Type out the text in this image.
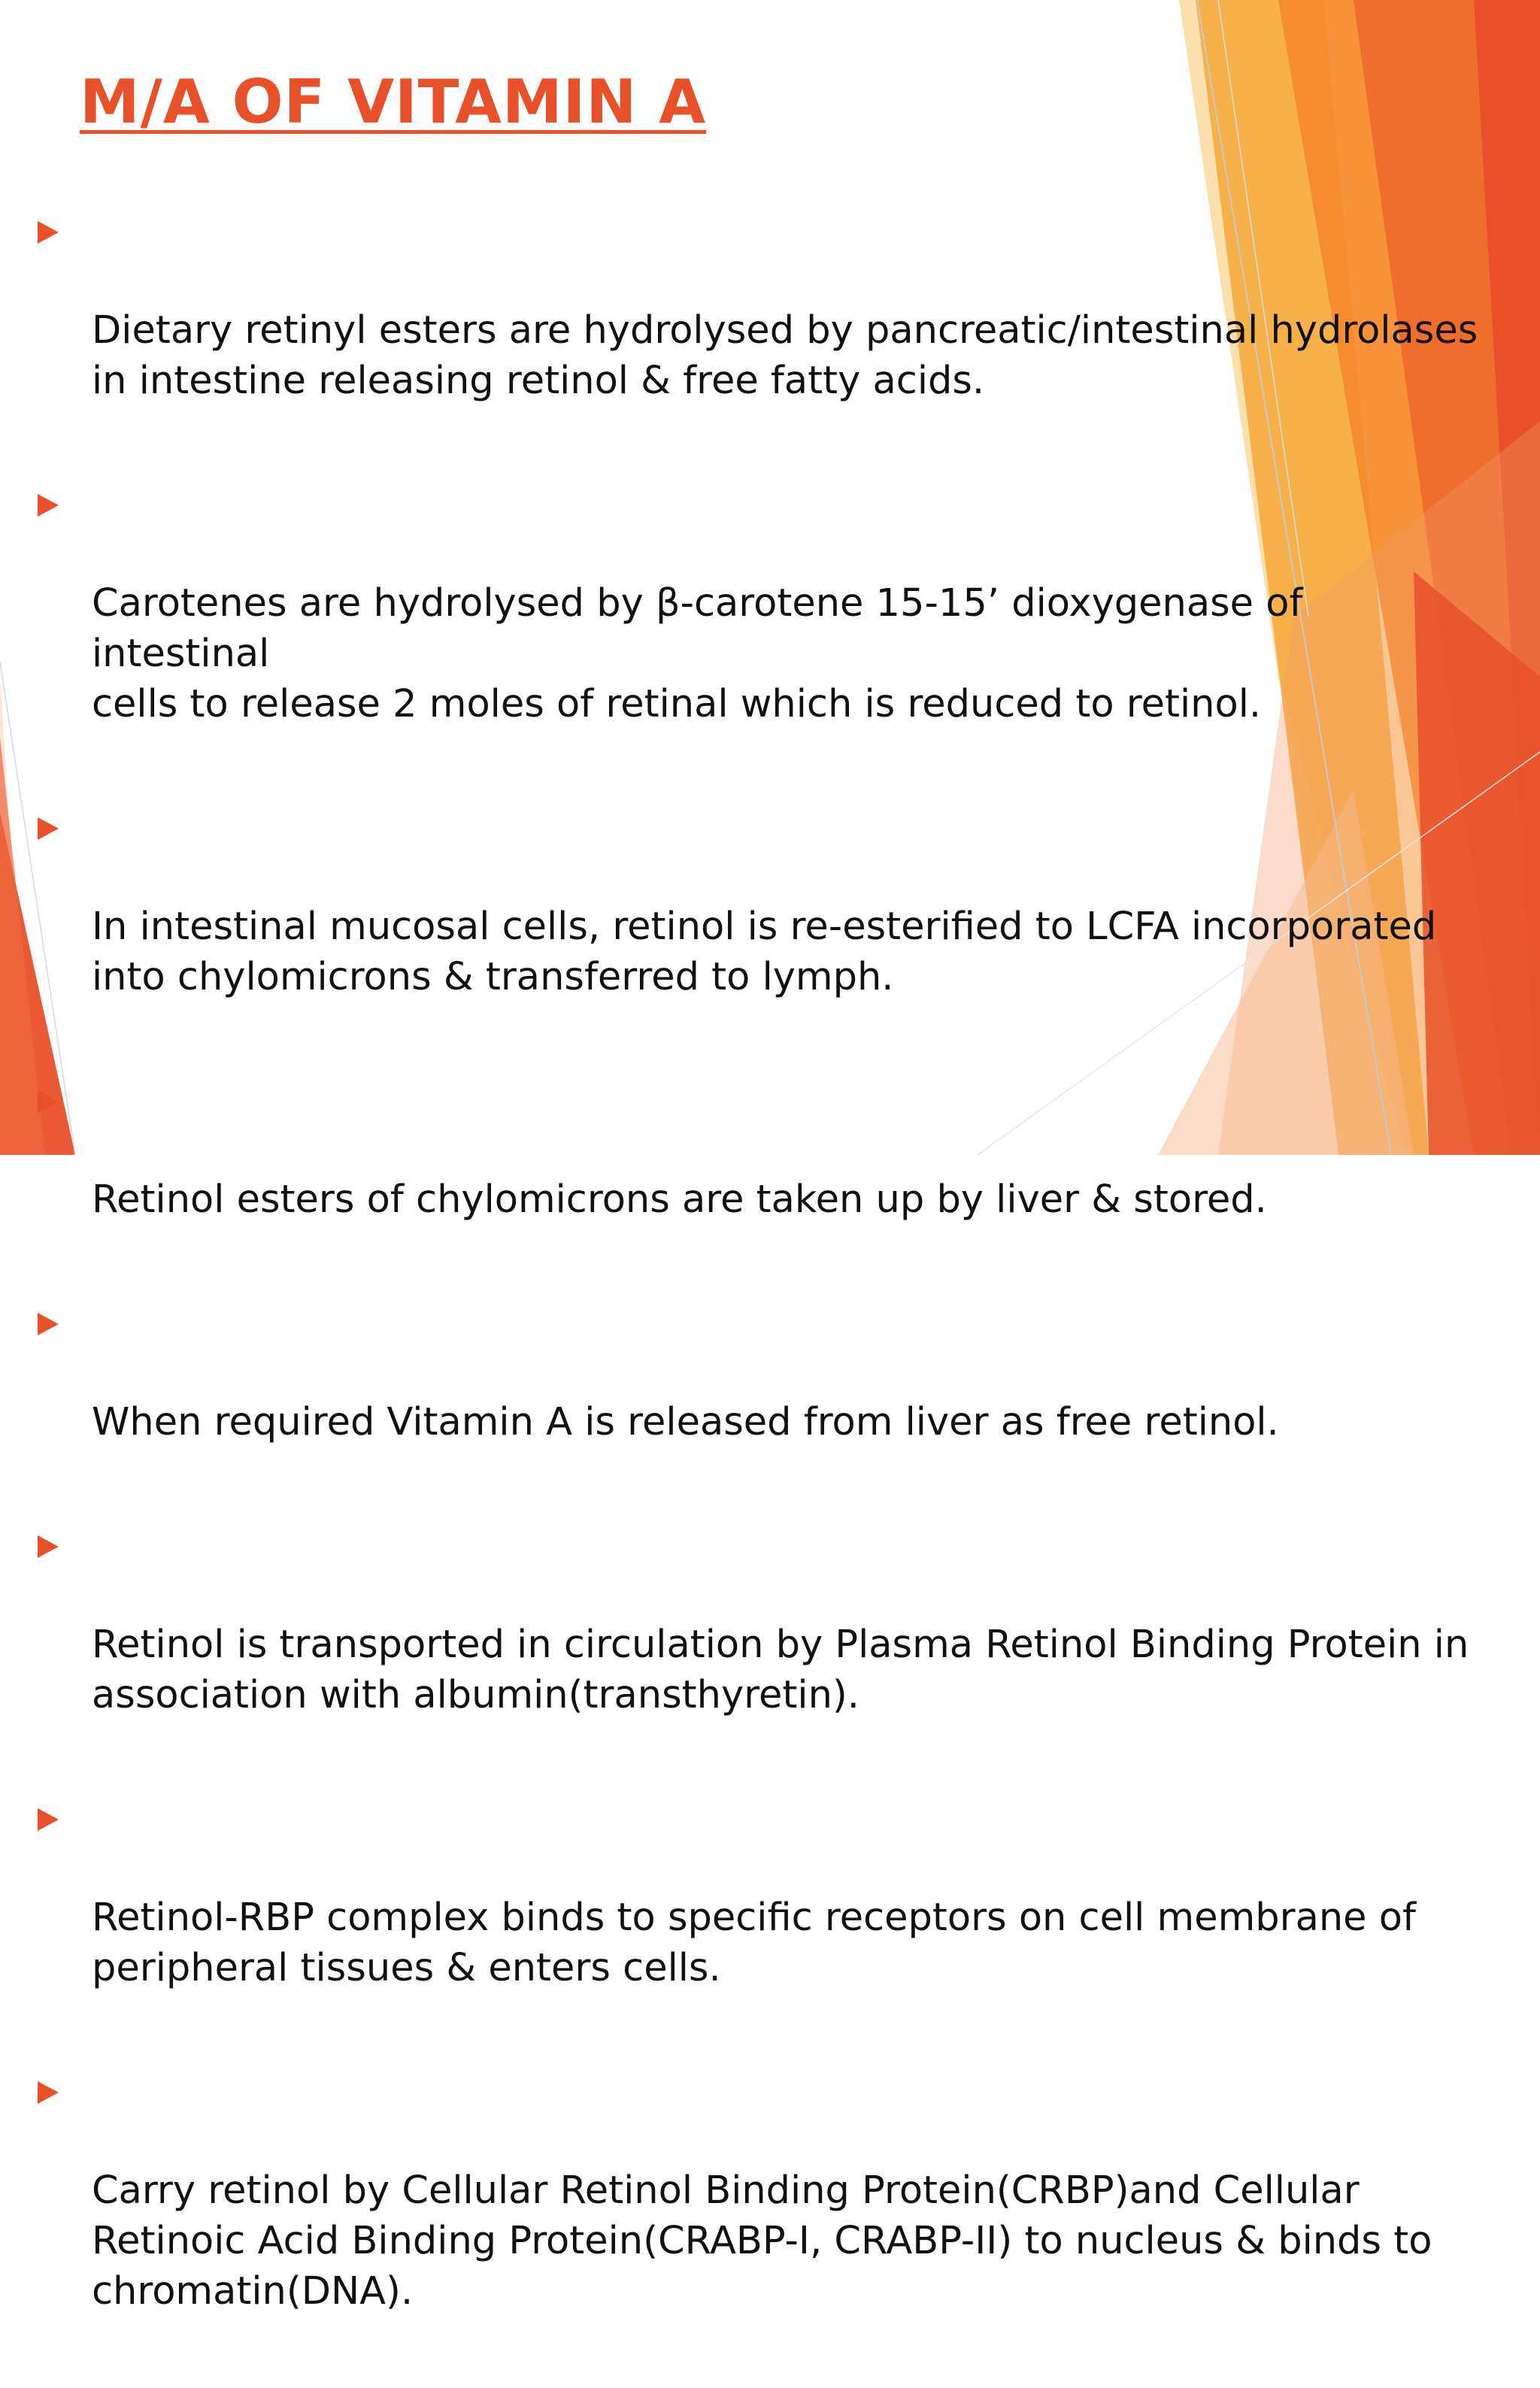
M/A OF VITAMIN A

Dietary retinyl esters are hydrolysed by pancreatic/intestinal hydrolases
in intestine releasing retinol & free fatty acids.

Carotenes are hydrolysed by β-carotene 15-15’ dioxygenase of intestinal
cells to release 2 moles of retinal which is reduced to retinol.

In intestinal mucosal cells, retinol is re-esterified to LCFA incorporated
into chylomicrons & transferred to lymph.

Retinol esters of chylomicrons are taken up by liver & stored.

When required Vitamin A is released from liver as free retinol.

Retinol is transported in circulation by Plasma Retinol Binding Protein in
association with albumin(transthyretin).

Retinol-RBP complex binds to specific receptors on cell membrane of
peripheral tissues & enters cells.

Carry retinol by Cellular Retinol Binding Protein(CRBP)and Cellular
Retinoic Acid Binding Protein(CRABP-I, CRABP-II) to nucleus & binds to
chromatin(DNA).
